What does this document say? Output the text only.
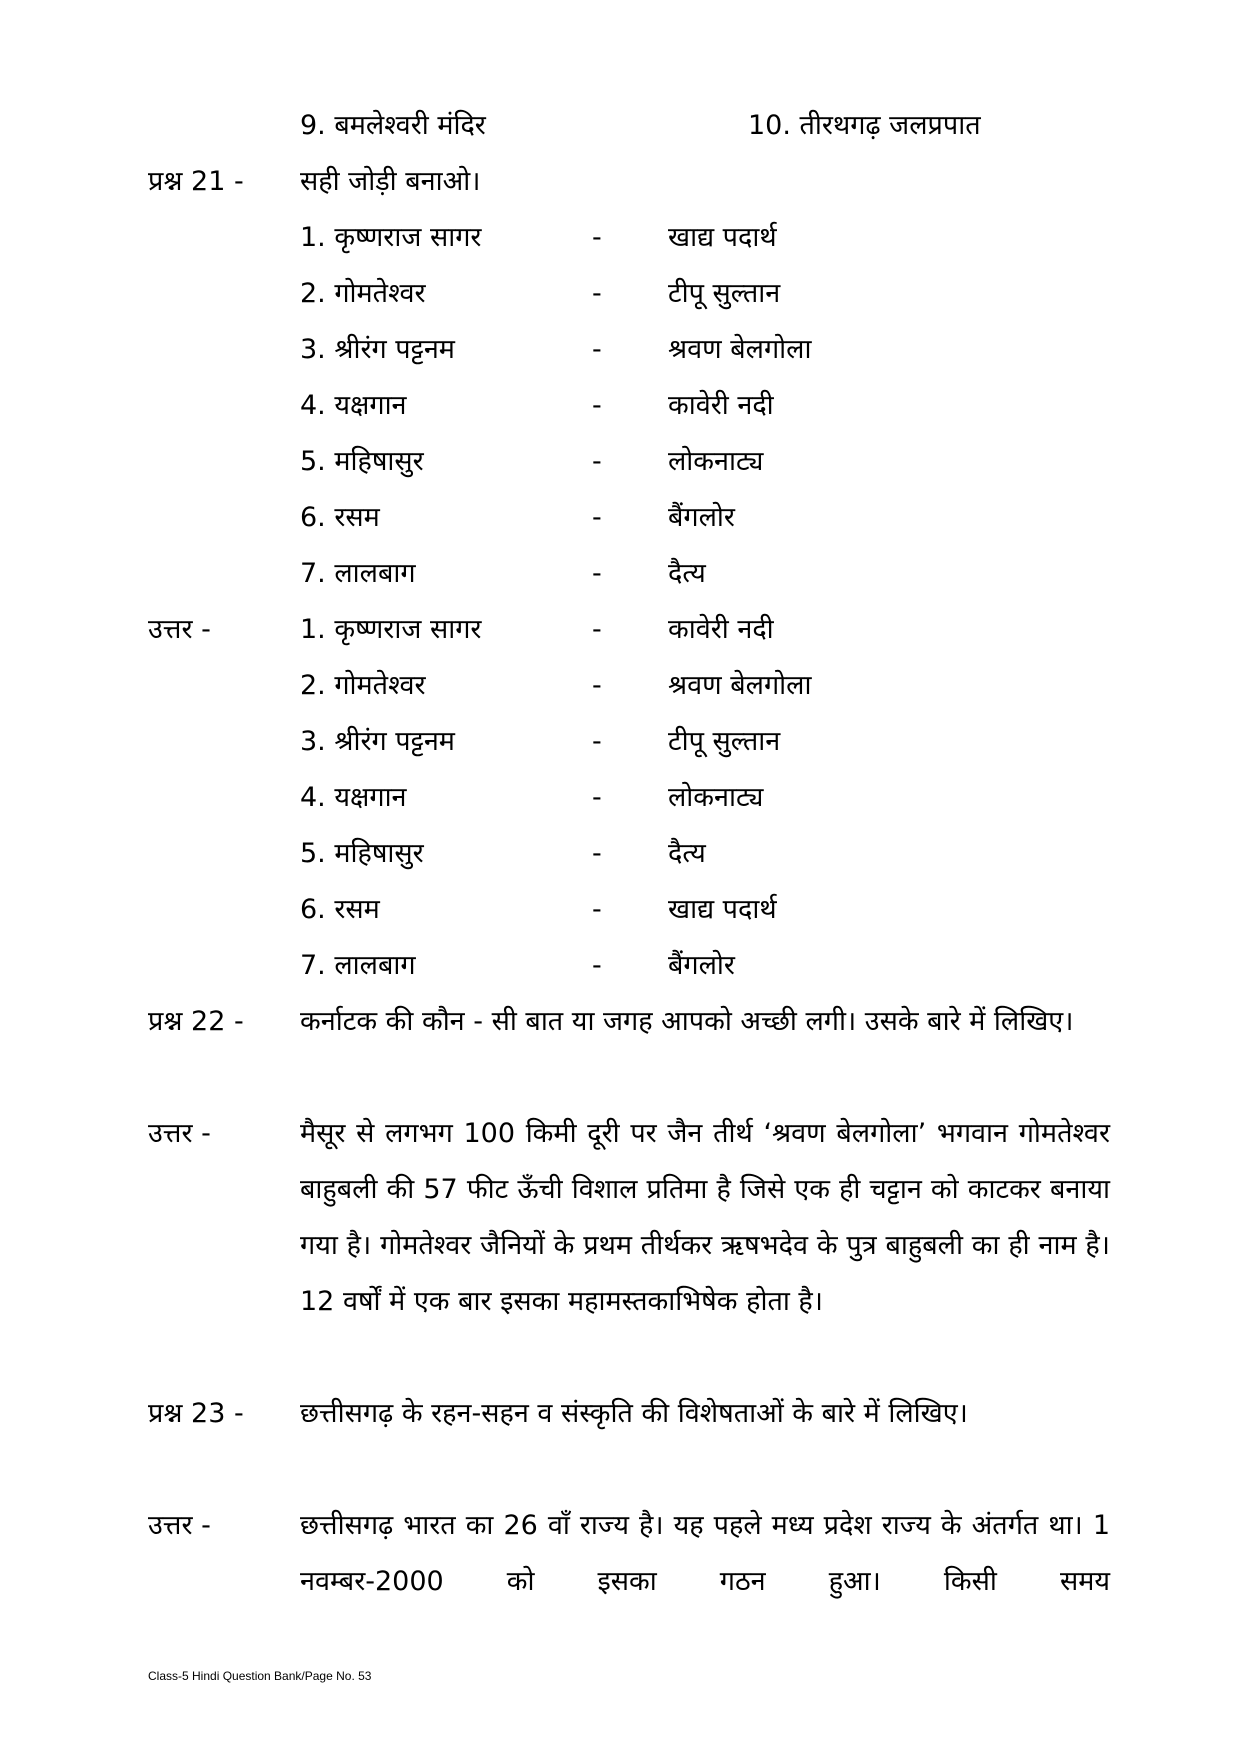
9. बमलेश्वरी मंदिर	10. तीरथगढ़ जलप्रपात
प्रश्न 21 - सही जोड़ी बनाओ।
1. कृष्णराज सागर	- खाद्य पदार्थ
2. गोमतेश्वर	- टीपू सुल्तान
3. श्रीरंग पट्टनम	- श्रवण बेलगोला
4. यक्षगान	- कावेरी नदी
5. महिषासुर	- लोकनाट्य
6. रसम	- बैंगलोर
7. लालबाग	- दैत्य
उत्तर -	1. कृष्णराज सागर	- कावेरी नदी
2. गोमतेश्वर	- श्रवण बेलगोला
3. श्रीरंग पट्टनम	- टीपू सुल्तान
4. यक्षगान	- लोकनाट्य
5. महिषासुर	- दैत्य
6. रसम	- खाद्य पदार्थ
7. लालबाग	- बैंगलोर
प्रश्न 22 - कर्नाटक की कौन - सी बात या जगह आपको अच्छी लगी। उसके बारे में लिखिए।
उत्तर -	मैसूर से लगभग 100 किमी दूरी पर जैन तीर्थ ‘श्रवण बेलगोला’ भगवान गोमतेश्वर बाहुबली की 57 फीट ऊँची विशाल प्रतिमा है जिसे एक ही चट्टान को काटकर बनाया गया है। गोमतेश्वर जैनियों के प्रथम तीर्थकर ऋषभदेव के पुत्र बाहुबली का ही नाम है। 12 वर्षों में एक बार इसका महामस्तकाभिषेक होता है।
प्रश्न 23 - छत्तीसगढ़ के रहन-सहन व संस्कृति की विशेषताओं के बारे में लिखिए।
उत्तर -	छत्तीसगढ़ भारत का 26 वाँ राज्य है। यह पहले मध्य प्रदेश राज्य के अंतर्गत था। 1 नवम्बर-2000 को इसका गठन हुआ। किसी समय
Class-5 Hindi Question Bank/Page No. 53
